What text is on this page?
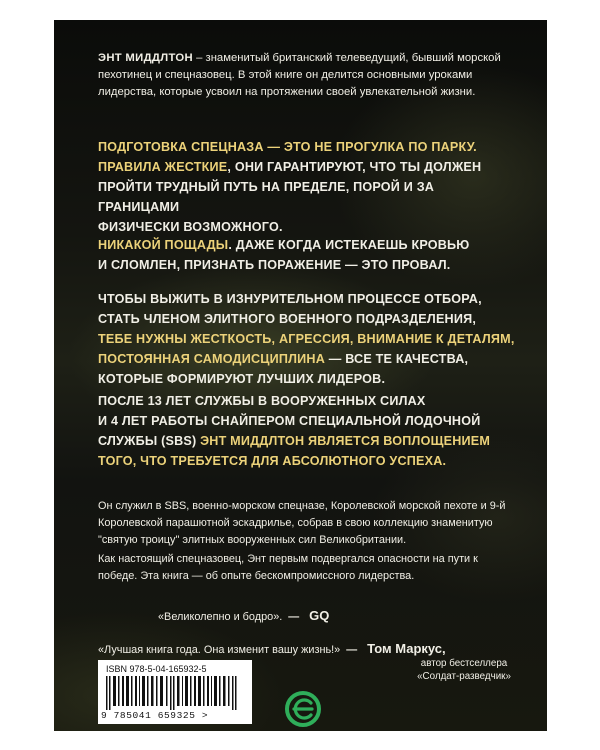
ЭНТ МИДДЛТОН – знаменитый британский телеведущий, бывший морской пехотинец и спецназовец. В этой книге он делится основными уроками лидерства, которые усвоил на протяжении своей увлекательной жизни.
ПОДГОТОВКА СПЕЦНАЗА — ЭТО НЕ ПРОГУЛКА ПО ПАРКУ.
ПРАВИЛА ЖЕСТКИЕ, ОНИ ГАРАНТИРУЮТ, ЧТО ТЫ ДОЛЖЕН
ПРОЙТИ ТРУДНЫЙ ПУТЬ НА ПРЕДЕЛЕ, ПОРОЙ И ЗА ГРАНИЦАМИ
ФИЗИЧЕСКИ ВОЗМОЖНОГО.
НИКАКОЙ ПОЩАДЫ. ДАЖЕ КОГДА ИСТЕКАЕШЬ КРОВЬЮ
И СЛОМЛЕН, ПРИЗНАТЬ ПОРАЖЕНИЕ — ЭТО ПРОВАЛ.
ЧТОБЫ ВЫЖИТЬ В ИЗНУРИТЕЛЬНОМ ПРОЦЕССЕ ОТБОРА,
СТАТЬ ЧЛЕНОМ ЭЛИТНОГО ВОЕННОГО ПОДРАЗДЕЛЕНИЯ,
ТЕБЕ НУЖНЫ ЖЕСТКОСТЬ, АГРЕССИЯ, ВНИМАНИЕ К ДЕТАЛЯМ,
ПОСТОЯННАЯ САМОДИСЦИПЛИНА — ВСЕ ТЕ КАЧЕСТВА,
КОТОРЫЕ ФОРМИРУЮТ ЛУЧШИХ ЛИДЕРОВ.
ПОСЛЕ 13 ЛЕТ СЛУЖБЫ В ВООРУЖЕННЫХ СИЛАХ
И 4 ЛЕТ РАБОТЫ СНАЙПЕРОМ СПЕЦИАЛЬНОЙ ЛОДОЧНОЙ
СЛУЖБЫ (SBS) ЭНТ МИДДЛТОН ЯВЛЯЕТСЯ ВОПЛОЩЕНИЕМ
ТОГО, ЧТО ТРЕБУЕТСЯ ДЛЯ АБСОЛЮТНОГО УСПЕХА.
Он служил в SBS, военно-морском спецназе, Королевской морской пехоте и 9-й Королевской парашютной эскадрилье, собрав в свою коллекцию знаменитую "святую троицу" элитных вооруженных сил Великобритании.
Как настоящий спецназовец, Энт первым подвергался опасности на пути к победе. Эта книга — об опыте бескомпромиссного лидерства.
«Великолепно и бодро». — GQ
«Лучшая книга года. Она изменит вашу жизнь!» — Том Маркус,
автор бестселлера
«Солдат-разведчик»
ISBN 978-5-04-165932-5
9 785041 659325 >
